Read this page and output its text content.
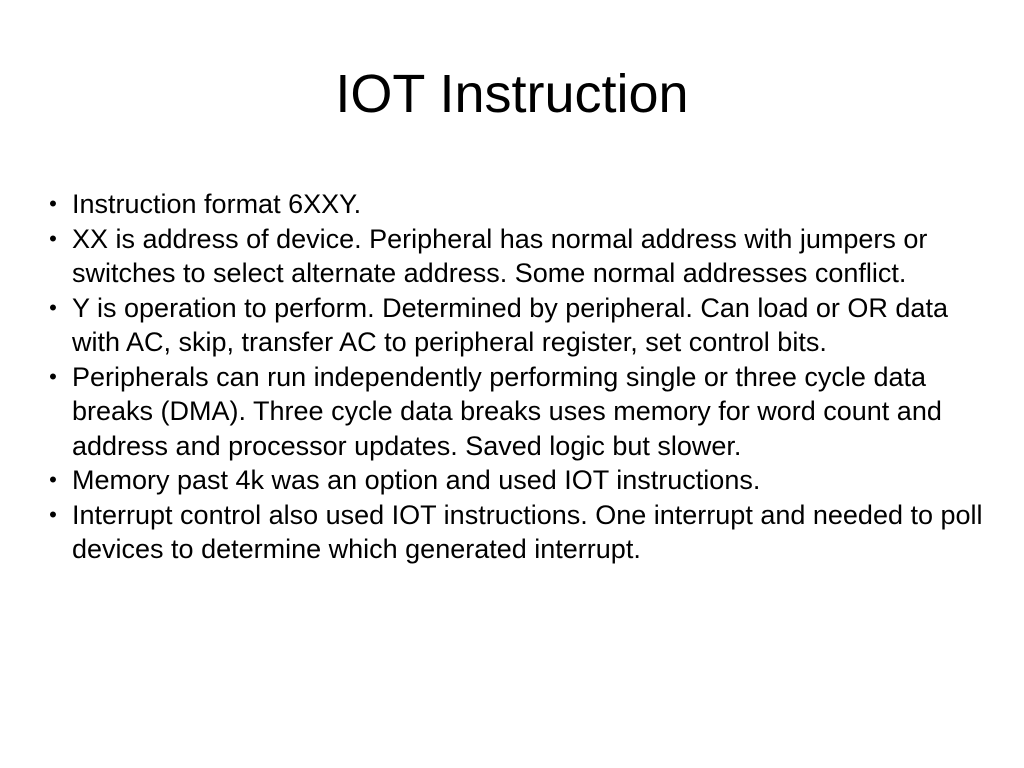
IOT Instruction
• Instruction format 6XXY.
• XX is address of device. Peripheral has normal address with jumpers or switches to select alternate address. Some normal addresses conflict.
• Y is operation to perform. Determined by peripheral. Can load or OR data with AC, skip, transfer AC to peripheral register, set control bits.
• Peripherals can run independently performing single or three cycle data breaks (DMA). Three cycle data breaks uses memory for word count and address and processor updates. Saved logic but slower.
• Memory past 4k was an option and used IOT instructions.
• Interrupt control also used IOT instructions. One interrupt and needed to poll devices to determine which generated interrupt.
